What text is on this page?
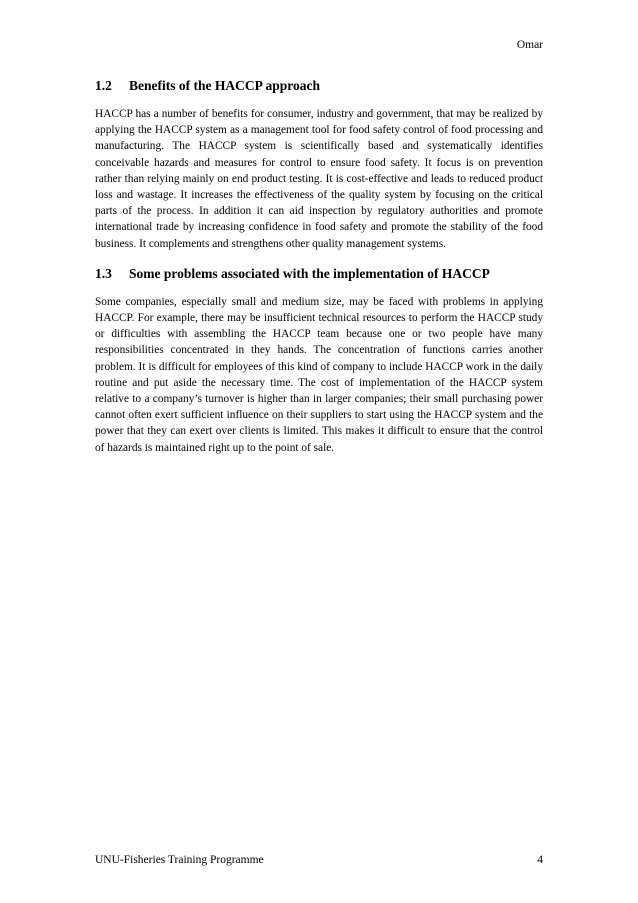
Omar
1.2	Benefits of the HACCP approach

HACCP has a number of benefits for consumer, industry and government, that may be realized by applying the HACCP system as a management tool for food safety control of food processing and manufacturing. The HACCP system is scientifically based and systematically identifies conceivable hazards and measures for control to ensure food safety. It focus is on prevention rather than relying mainly on end product testing. It is cost-effective and leads to reduced product loss and wastage. It increases the effectiveness of the quality system by focusing on the critical parts of the process. In addition it can aid inspection by regulatory authorities and promote international trade by increasing confidence in food safety and promote the stability of the food business. It complements and strengthens other quality management systems.

1.3	Some problems associated with the implementation of HACCP

Some companies, especially small and medium size, may be faced with problems in applying HACCP. For example, there may be insufficient technical resources to perform the HACCP study or difficulties with assembling the HACCP team because one or two people have many responsibilities concentrated in they hands. The concentration of functions carries another problem. It is difficult for employees of this kind of company to include HACCP work in the daily routine and put aside the necessary time. The cost of implementation of the HACCP system relative to a company’s turnover is higher than in larger companies; their small purchasing power cannot often exert sufficient influence on their suppliers to start using the HACCP system and the power that they can exert over clients is limited. This makes it difficult to ensure that the control of hazards is maintained right up to the point of sale.

UNU-Fisheries Training Programme	4
